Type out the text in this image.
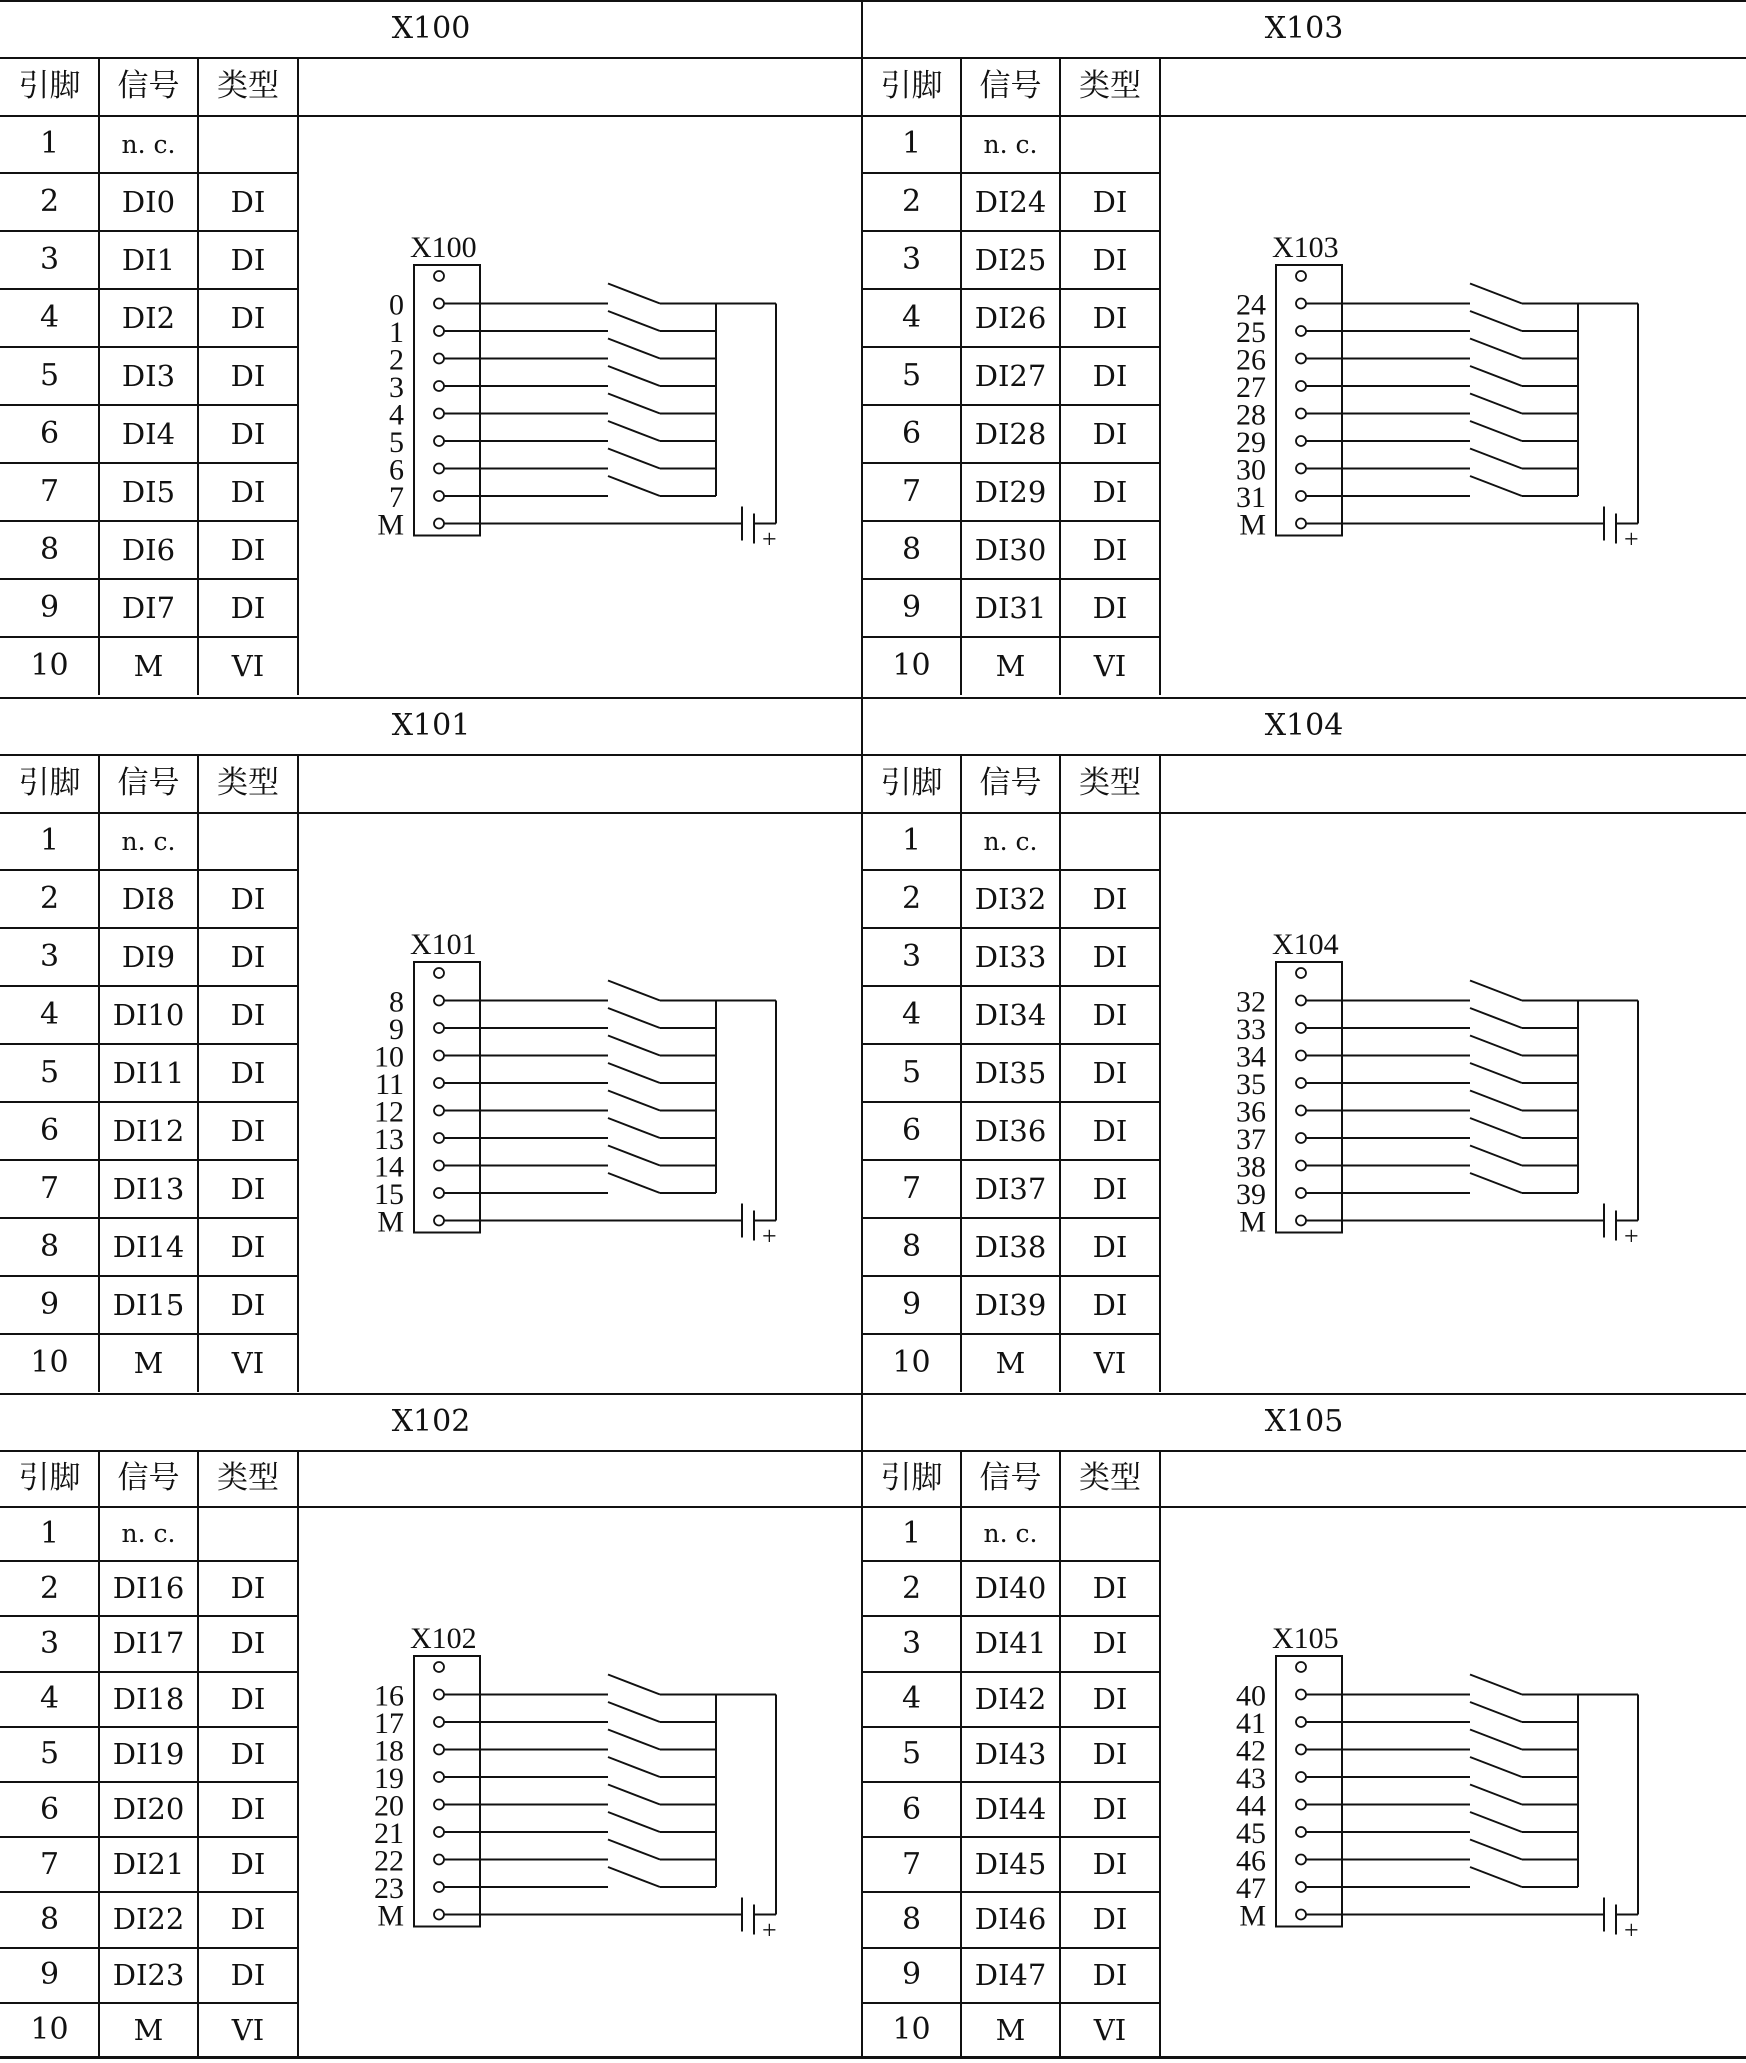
X100
引脚	信号	类型
1	n. c.
2	DI0	DI
3	DI1	DI
4	DI2	DI
5	DI3	DI
6	DI4	DI
7	DI5	DI
8	DI6	DI
9	DI7	DI
10	M	VI
X100
0
1
2
3
4
5
6
7
M	+
X103
引脚	信号	类型
1	n. c.
2	DI24	DI
3	DI25	DI
4	DI26	DI
5	DI27	DI
6	DI28	DI
7	DI29	DI
8	DI30	DI
9	DI31	DI
10	M	VI
X103
24
25
26
27
28
29
30
31
M	+
X101
引脚	信号	类型
1	n. c.
2	DI8	DI
3	DI9	DI
4	DI10	DI
5	DI11	DI
6	DI12	DI
7	DI13	DI
8	DI14	DI
9	DI15	DI
10	M	VI
X101
8
9
10
11
12
13
14
15
M	+
X104
引脚	信号	类型
1	n. c.
2	DI32	DI
3	DI33	DI
4	DI34	DI
5	DI35	DI
6	DI36	DI
7	DI37	DI
8	DI38	DI
9	DI39	DI
10	M	VI
X104
32
33
34
35
36
37
38
39
M	+
X102
引脚	信号	类型
1	n. c.
2	DI16	DI
3	DI17	DI
4	DI18	DI
5	DI19	DI
6	DI20	DI
7	DI21	DI
8	DI22	DI
9	DI23	DI
10	M	VI
X102
16
17
18
19
20
21
22
23
M	+
X105
引脚	信号	类型
1	n. c.
2	DI40	DI
3	DI41	DI
4	DI42	DI
5	DI43	DI
6	DI44	DI
7	DI45	DI
8	DI46	DI
9	DI47	DI
10	M	VI
X105
40
41
42
43
44
45
46
47
M	+
